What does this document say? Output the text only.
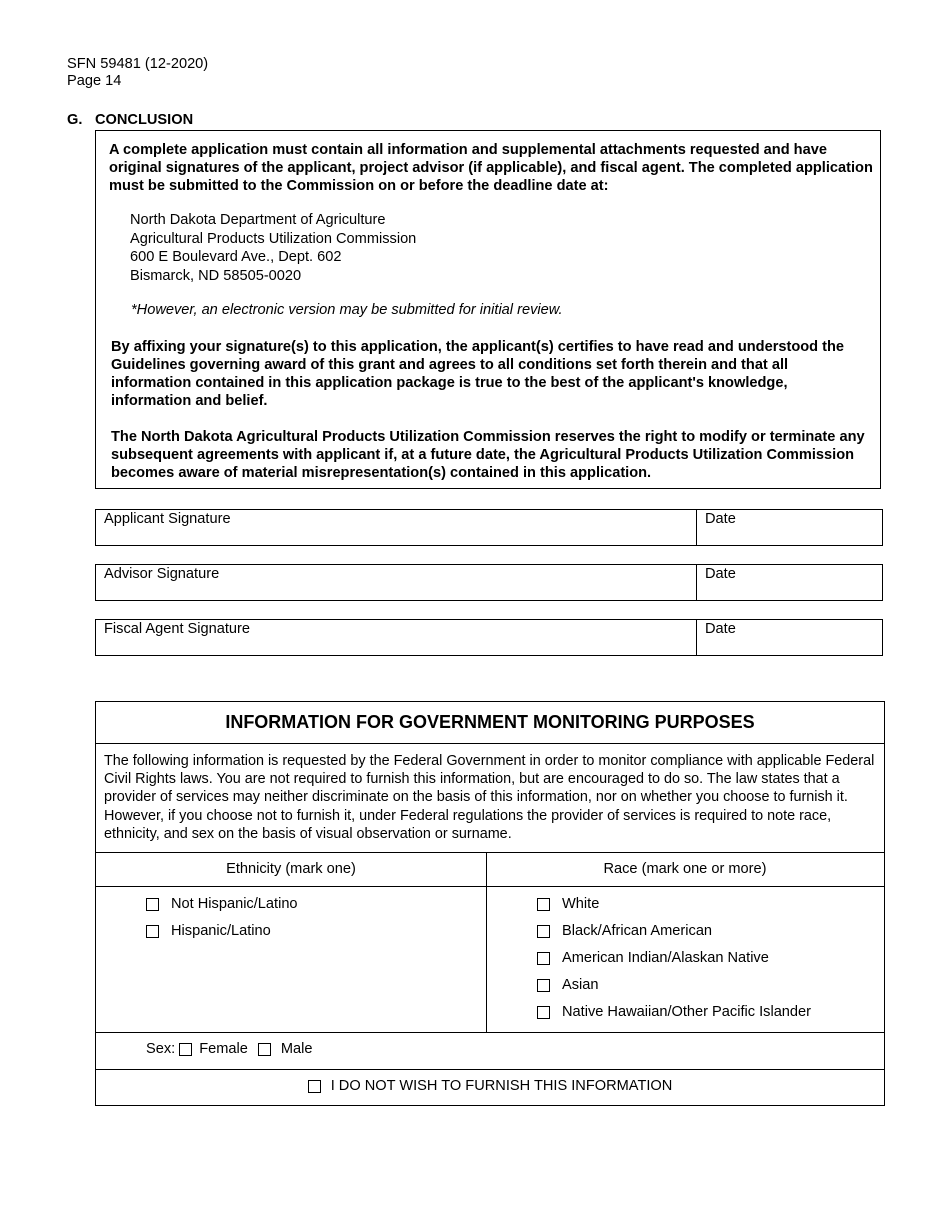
SFN 59481 (12-2020)
Page 14
G. CONCLUSION
A complete application must contain all information and supplemental attachments requested and have original signatures of the applicant, project advisor (if applicable), and fiscal agent. The completed application must be submitted to the Commission on or before the deadline date at:
North Dakota Department of Agriculture
Agricultural Products Utilization Commission
600 E Boulevard Ave., Dept. 602
Bismarck, ND 58505-0020
*However, an electronic version may be submitted for initial review.
By affixing your signature(s) to this application, the applicant(s) certifies to have read and understood the Guidelines governing award of this grant and agrees to all conditions set forth therein and that all information contained in this application package is true to the best of the applicant's knowledge, information and belief.
The North Dakota Agricultural Products Utilization Commission reserves the right to modify or terminate any subsequent agreements with applicant if, at a future date, the Agricultural Products Utilization Commission becomes aware of material misrepresentation(s) contained in this application.
Applicant Signature	Date
Advisor Signature	Date
Fiscal Agent Signature	Date
INFORMATION FOR GOVERNMENT MONITORING PURPOSES
The following information is requested by the Federal Government in order to monitor compliance with applicable Federal Civil Rights laws. You are not required to furnish this information, but are encouraged to do so. The law states that a provider of services may neither discriminate on the basis of this information, nor on whether you choose to furnish it. However, if you choose not to furnish it, under Federal regulations the provider of services is required to note race, ethnicity, and sex on the basis of visual observation or surname.
Ethnicity (mark one)	Race (mark one or more)
Not Hispanic/Latino
Hispanic/Latino
White
Black/African American
American Indian/Alaskan Native
Asian
Native Hawaiian/Other Pacific Islander
Sex: Female Male
I DO NOT WISH TO FURNISH THIS INFORMATION
